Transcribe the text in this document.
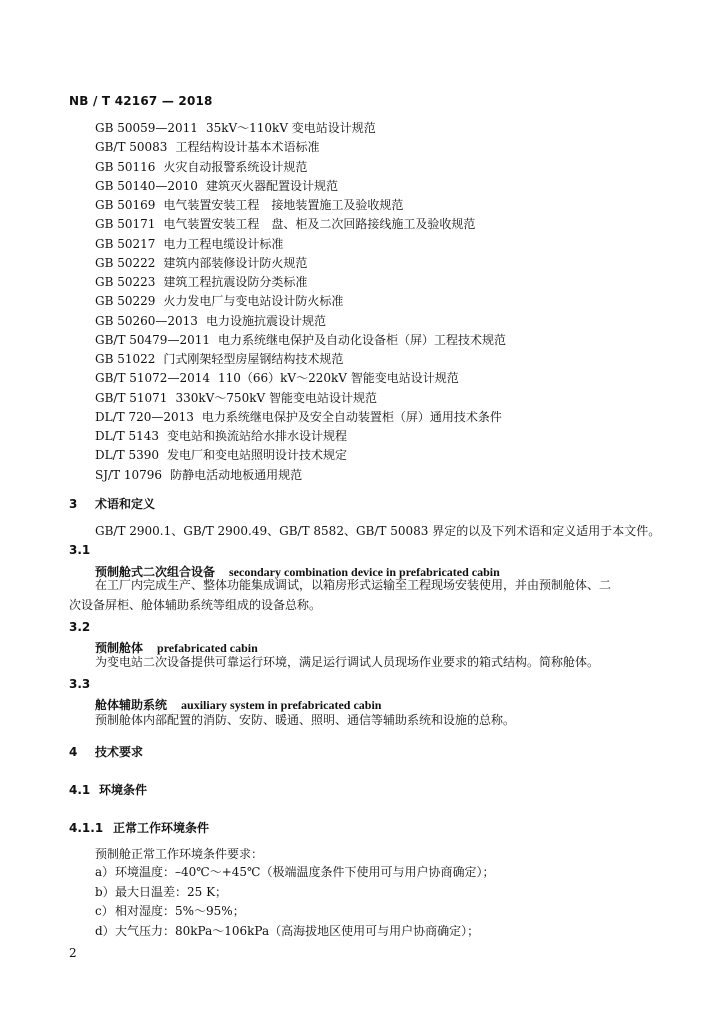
NB / T 42167 — 2018
GB 50059—2011 35kV～110kV 变电站设计规范
GB/T 50083 工程结构设计基本术语标准
GB 50116 火灾自动报警系统设计规范
GB 50140—2010 建筑灭火器配置设计规范
GB 50169 电气装置安装工程　接地装置施工及验收规范
GB 50171 电气装置安装工程　盘、柜及二次回路接线施工及验收规范
GB 50217 电力工程电缆设计标准
GB 50222 建筑内部装修设计防火规范
GB 50223 建筑工程抗震设防分类标准
GB 50229 火力发电厂与变电站设计防火标准
GB 50260—2013 电力设施抗震设计规范
GB/T 50479—2011 电力系统继电保护及自动化设备柜（屏）工程技术规范
GB 51022 门式刚架轻型房屋钢结构技术规范
GB/T 51072—2014 110（66）kV～220kV 智能变电站设计规范
GB/T 51071 330kV～750kV 智能变电站设计规范
DL/T 720—2013 电力系统继电保护及安全自动装置柜（屏）通用技术条件
DL/T 5143 变电站和换流站给水排水设计规程
DL/T 5390 发电厂和变电站照明设计技术规定
SJ/T 10796 防静电活动地板通用规范
3 术语和定义
GB/T 2900.1、GB/T 2900.49、GB/T 8582、GB/T 50083 界定的以及下列术语和定义适用于本文件。
3.1
预制舱式二次组合设备 secondary combination device in prefabricated cabin
在工厂内完成生产、整体功能集成调试，以箱房形式运输至工程现场安装使用，并由预制舱体、二
次设备屏柜、舱体辅助系统等组成的设备总称。
3.2
预制舱体 prefabricated cabin
为变电站二次设备提供可靠运行环境，满足运行调试人员现场作业要求的箱式结构。简称舱体。
3.3
舱体辅助系统 auxiliary system in prefabricated cabin
预制舱体内部配置的消防、安防、暖通、照明、通信等辅助系统和设施的总称。
4 技术要求
4.1 环境条件
4.1.1 正常工作环境条件
预制舱正常工作环境条件要求：
a）环境温度：–40℃～+45℃（极端温度条件下使用可与用户协商确定）；
b）最大日温差：25 K；
c）相对湿度：5%～95%；
d）大气压力：80kPa～106kPa（高海拔地区使用可与用户协商确定）；
2
